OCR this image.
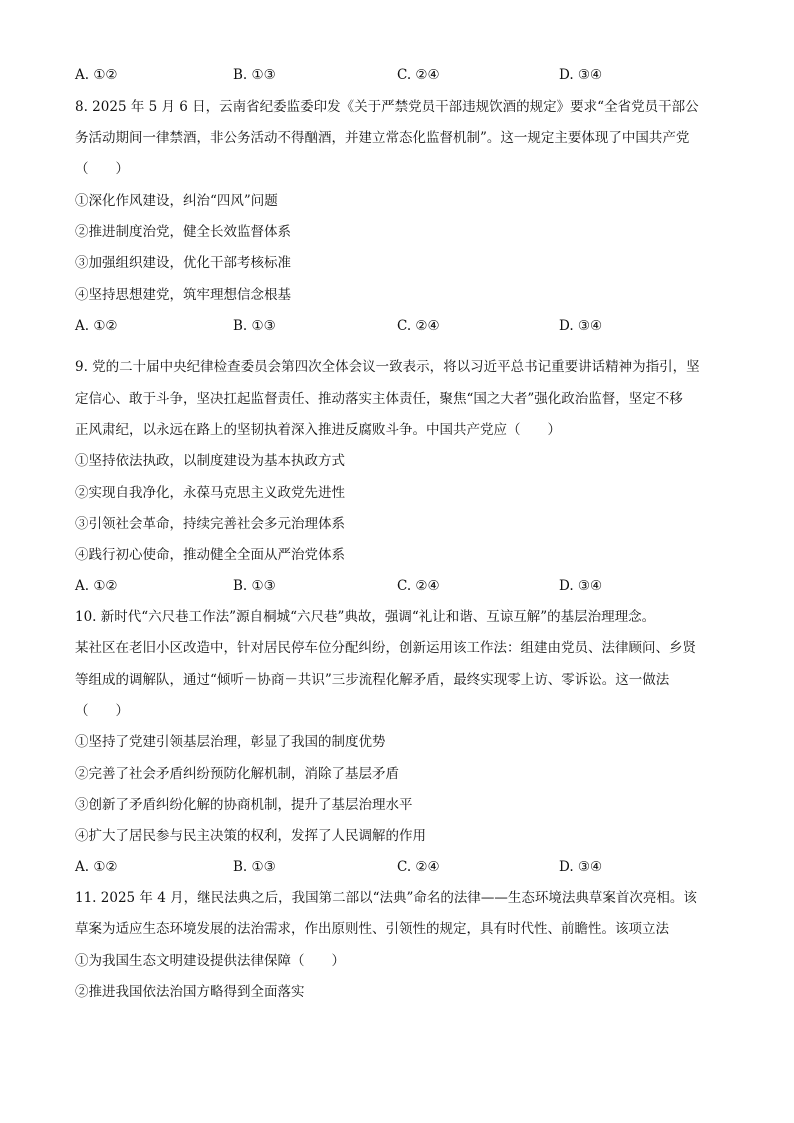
A. ①②	B. ①③	C. ②④	D. ③④
8. 2025 年 5 月 6 日，云南省纪委监委印发《关于严禁党员干部违规饮酒的规定》要求“全省党员干部公
务活动期间一律禁酒，非公务活动不得酗酒，并建立常态化监督机制”。这一规定主要体现了中国共产党
（　　）
①深化作风建设，纠治“四风”问题
②推进制度治党，健全长效监督体系
③加强组织建设，优化干部考核标准
④坚持思想建党，筑牢理想信念根基
A. ①②	B. ①③	C. ②④	D. ③④
9. 党的二十届中央纪律检查委员会第四次全体会议一致表示，将以习近平总书记重要讲话精神为指引，坚
定信心、敢于斗争，坚决扛起监督责任、推动落实主体责任，聚焦“国之大者”强化政治监督，坚定不移
正风肃纪，以永远在路上的坚韧执着深入推进反腐败斗争。中国共产党应（　　）
①坚持依法执政，以制度建设为基本执政方式
②实现自我净化，永葆马克思主义政党先进性
③引领社会革命，持续完善社会多元治理体系
④践行初心使命，推动健全全面从严治党体系
A. ①②	B. ①③	C. ②④	D. ③④
10. 新时代“六尺巷工作法”源自桐城“六尺巷”典故，强调“礼让和谐、互谅互解”的基层治理理念。
某社区在老旧小区改造中，针对居民停车位分配纠纷，创新运用该工作法：组建由党员、法律顾问、乡贤
等组成的调解队，通过“倾听－协商－共识”三步流程化解矛盾，最终实现零上访、零诉讼。这一做法
（　　）
①坚持了党建引领基层治理，彰显了我国的制度优势
②完善了社会矛盾纠纷预防化解机制，消除了基层矛盾
③创新了矛盾纠纷化解的协商机制，提升了基层治理水平
④扩大了居民参与民主决策的权利，发挥了人民调解的作用
A. ①②	B. ①③	C. ②④	D. ③④
11. 2025 年 4 月，继民法典之后，我国第二部以“法典”命名的法律——生态环境法典草案首次亮相。该
草案为适应生态环境发展的法治需求，作出原则性、引领性的规定，具有时代性、前瞻性。该项立法
①为我国生态文明建设提供法律保障（　　）
②推进我国依法治国方略得到全面落实
